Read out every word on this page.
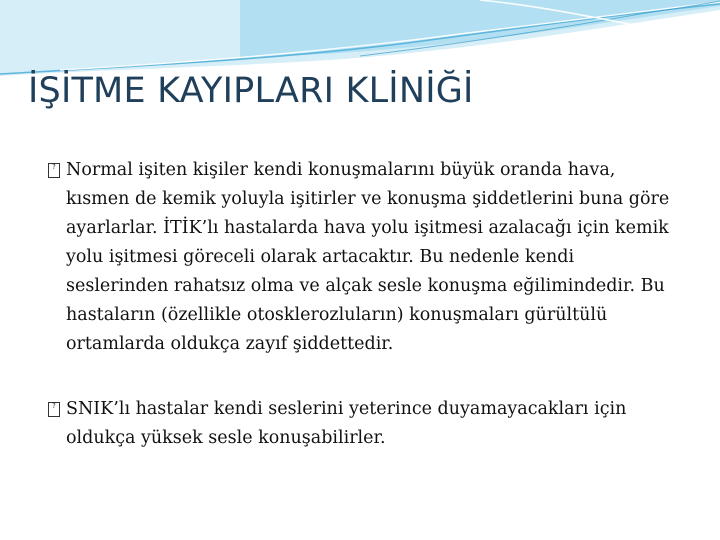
İŞİTME KAYIPLARI KLİNİĞİ
? Normal işiten kişiler kendi konuşmalarını büyük oranda hava, kısmen de kemik yoluyla işitirler ve konuşma şiddetlerini buna göre ayarlarlar. İTİK’lı hastalarda hava yolu işitmesi azalacağı için kemik yolu işitmesi göreceli olarak artacaktır. Bu nedenle kendi seslerinden rahatsız olma ve alçak sesle konuşma eğilimindedir. Bu hastaların (özellikle otosklerozluların) konuşmaları gürültülü ortamlarda oldukça zayıf şiddettedir.
? SNIK’lı hastalar kendi seslerini yeterince duyamayacakları için oldukça yüksek sesle konuşabilirler.
